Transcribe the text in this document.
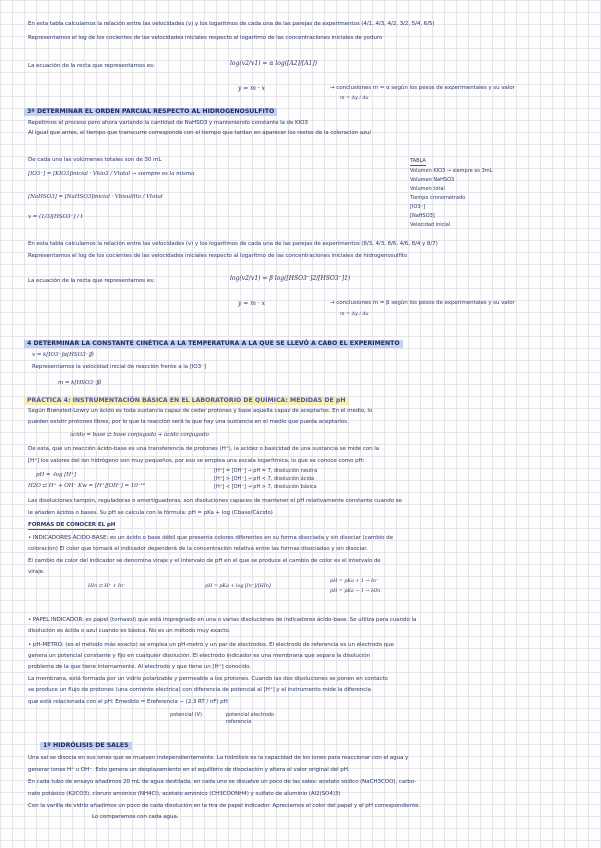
En esta tabla calculamos la relación entre las velocidades (v) y los logaritmos de cada una de las parejas de experimentos (4/1, 4/3, 4/2, 3/2, 5/4, 6/5)
Representamos el log de los cocientes de las velocidades iniciales respecto al logaritmo de las concentraciones iniciales de yoduro
La ecuación de la recta que representamos es:	log(v2/v1) = α log([A2]/[A1])
y = m · x	→ conclusiones m = α según los pesos de experimentales y su valor
m = Δy / Δx
3º DETERMINAR EL ORDEN PARCIAL RESPECTO AL HIDROGENOSULFITO
Repetimos el proceso pero ahora variando la cantidad de NaHSO3 y manteniendo constante la de KIO3
Al igual que antes, el tiempo que transcurre corresponde con el tiempo que tardan en aparecer los restos de la coloración azul
De cada uno las volúmenes totales son de 30 mL
[IO3⁻] = [KIO3]inicial · Vkio3 / Vtotal → siempre es la misma
[NaHSO3] = [NaHSO3]inicial · Vbisulfito / Vtotal
v = (1/3)[HSO3⁻] / t
TABLA
Volumen KIO3 → siempre es 3mL
Volumen NaHSO3
Volumen total
Tiempo cronometrado
[IO3⁻]
[NaHSO3]
Velocidad inicial
En esta tabla calculamos la relación entre las velocidades (v) y los logaritmos de cada una de las parejas de experimentos (8/3, 4/3, 8/6, 4/6, 8/4 y 8/7)
Representamos el log de los cocientes de las velocidades iniciales respecto al logaritmo de las concentraciones iniciales de hidrogenosulfito
La ecuación de la recta que representamos es:	log(v2/v1) = β log([HSO3⁻]2/[HSO3⁻]1)
y = m · x	→ conclusiones m = β según los pesos de experimentales y su valor
m = Δy / Δx
4 DETERMINAR LA CONSTANTE CINÉTICA A LA TEMPERATURA A LA QUE SE LLEVÓ A CABO EL EXPERIMENTO
v = k[IO3⁻]α[HSO3⁻]β
Representamos la velocidad inicial de reacción frente a la [IO3⁻]
m = k[HSO3⁻]β
PRÁCTICA 4: INSTRUMENTACIÓN BÁSICA EN EL LABORATORIO DE QUÍMICA: MEDIDAS DE pH
Según Brønsted-Lowry un ácido es toda sustancia capaz de ceder protones y base aquella capaz de aceptarlos. En el medio, lo
pueden existir protones libres, por lo que la reacción será la que hay una sustancia en el medio que pueda aceptarlos.
ácido = base ⇄ base conjugada + ácido conjugado
De esta, que un reacción ácido-base es una transferencia de protones (H⁺), la acidez o basicidad de una sustancia se mide con la
[H⁺] los valores del ion hidrógeno son muy pequeños, por eso se emplea una escala logarítmica, lo que se conoce como pH:
pH = -log [H⁺]
H2O ⇄ H⁺ + OH⁻ Kw = [H⁺][OH⁻] = 10⁻¹⁴
[H⁺] = [OH⁻] → pH = 7, disolución neutra
[H⁺] > [OH⁻] → pH < 7, disolución ácida
[H⁺] < [OH⁻] → pH > 7, disolución básica
Las disoluciones tampón, reguladoras o amortiguadoras, son disoluciones capaces de mantener el pH relativamente constante cuando se
le añaden ácidos o bases. Su pH se calcula con la fórmula: pH = pKa + log (Cbase/Cácido)
FORMAS DE CONOCER EL pH
• INDICADORES ÁCIDO-BASE: es un ácido o base débil que presenta colores diferentes en su forma disociada y sin disociar (cambio de
coloración) El color que tomará el indicador dependerá de la concentración relativa entre las formas disociadas y sin disociar.
El cambio de color del indicador se denomina viraje y el intervalo de pH en el que se produce el cambio de color es el intervalo de
viraje.
HIn ⇄ H⁺ + In⁻	pH = pKa + log [In⁻]/[HIn]
pH = pKa + 1 → In⁻
pH = pKa − 1 → HIn
• PAPEL INDICADOR: es papel (tornasol) que está impregnado en una o varias disoluciones de indicadores ácido-base. Se utiliza para cuando la
disolución es ácida o azul cuando es básica. No es un método muy exacto.
• pH-METRO: (es el método más exacto) se emplea un pH-metro y un par de electrodos. El electrodo de referencia es un electrodo que
genera un potencial constante y fijo en cualquier disolución. El electrodo indicador es una membrana que separa la disolución
problema de la que tiene internamente. Al electrodo y que tiene un [H⁺] conocido.
La membrana, está formada por un vidrio polarizable y permeable a los protones. Cuando las dos disoluciones se ponen en contacto
se produce un flujo de protones (una corriente eléctrica) con diferencia de potencial al [H⁺] y el instrumento mide la diferencia
que está relacionada con el pH: Emedido = Ereferencia − (2.3 RT / nF) pH
potencial (V)	potencial electrodo referencia
1º HIDRÓLISIS DE SALES
Una sal se disocia en sus iones que se mueven independientemente. La hidrólisis es la capacidad de los iones para reaccionar con el agua y
generar iones H⁺ u OH⁻. Esto genera un desplazamiento en el equilibrio de disociación y altera el valor original del pH.
En cada tubo de ensayo añadimos 20 mL de agua destilada, en cada uno se disuelve un poco de las sales: acetato sódico (NaCH3COO), carbo-
nato potásico (K2CO3), cloruro amónico (NH4Cl), acetato amónico (CH3COONH4) y sulfato de aluminio (Al2(SO4)3)
Con la varilla de vidrio añadimos un poco de cada disolución en la tira de papel indicador. Apreciamos el color del papel y el pH correspondiente.
Lo comparamos con cada agua.
